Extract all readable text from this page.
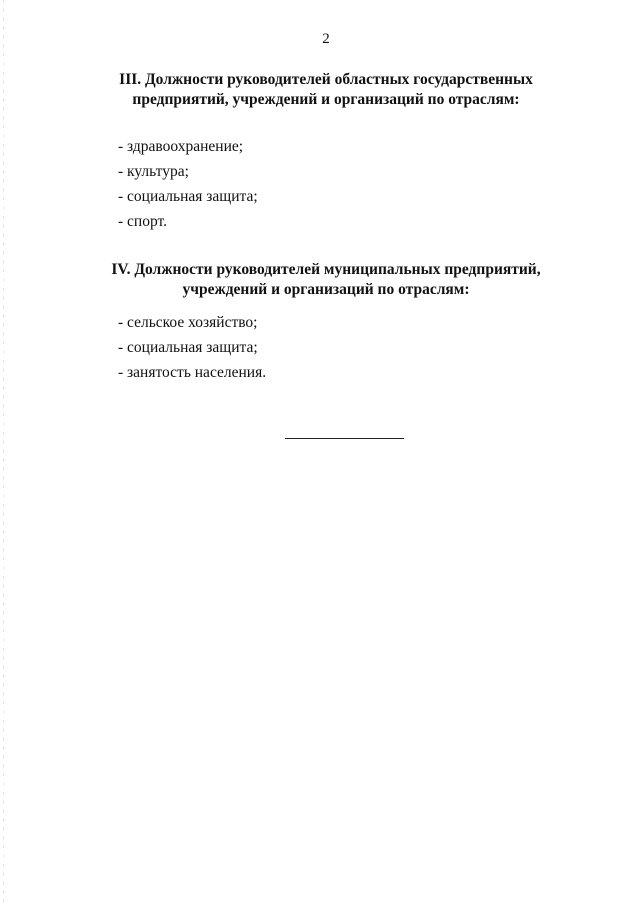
2
III. Должности руководителей областных государственных
предприятий, учреждений и организаций по отраслям:
- здравоохранение;
- культура;
- социальная защита;
- спорт.
IV. Должности руководителей муниципальных предприятий,
учреждений и организаций по отраслям:
- сельское хозяйство;
- социальная защита;
- занятость населения.
